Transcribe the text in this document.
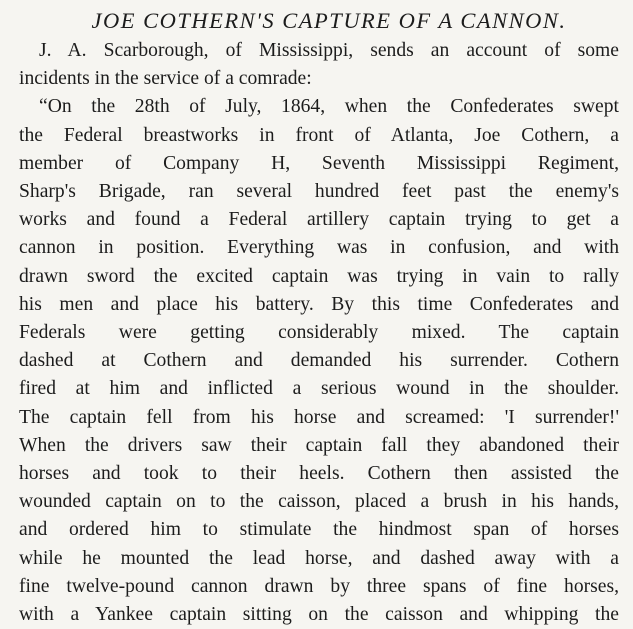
JOE COTHERN'S CAPTURE OF A CANNON.
J. A. Scarborough, of Mississippi, sends an account of some
incidents in the service of a comrade:
“On the 28th of July, 1864, when the Confederates swept
the Federal breastworks in front of Atlanta, Joe Cothern, a
member of Company H, Seventh Mississippi Regiment,
Sharp's Brigade, ran several hundred feet past the enemy's
works and found a Federal artillery captain trying to get a
cannon in position. Everything was in confusion, and with
drawn sword the excited captain was trying in vain to rally
his men and place his battery. By this time Confederates and
Federals were getting considerably mixed. The captain
dashed at Cothern and demanded his surrender. Cothern
fired at him and inflicted a serious wound in the shoulder.
The captain fell from his horse and screamed: 'I surrender!'
When the drivers saw their captain fall they abandoned their
horses and took to their heels. Cothern then assisted the
wounded captain on to the caisson, placed a brush in his hands,
and ordered him to stimulate the hindmost span of horses
while he mounted the lead horse, and dashed away with a
fine twelve-pound cannon drawn by three spans of fine horses,
with a Yankee captain sitting on the caisson and whipping the
